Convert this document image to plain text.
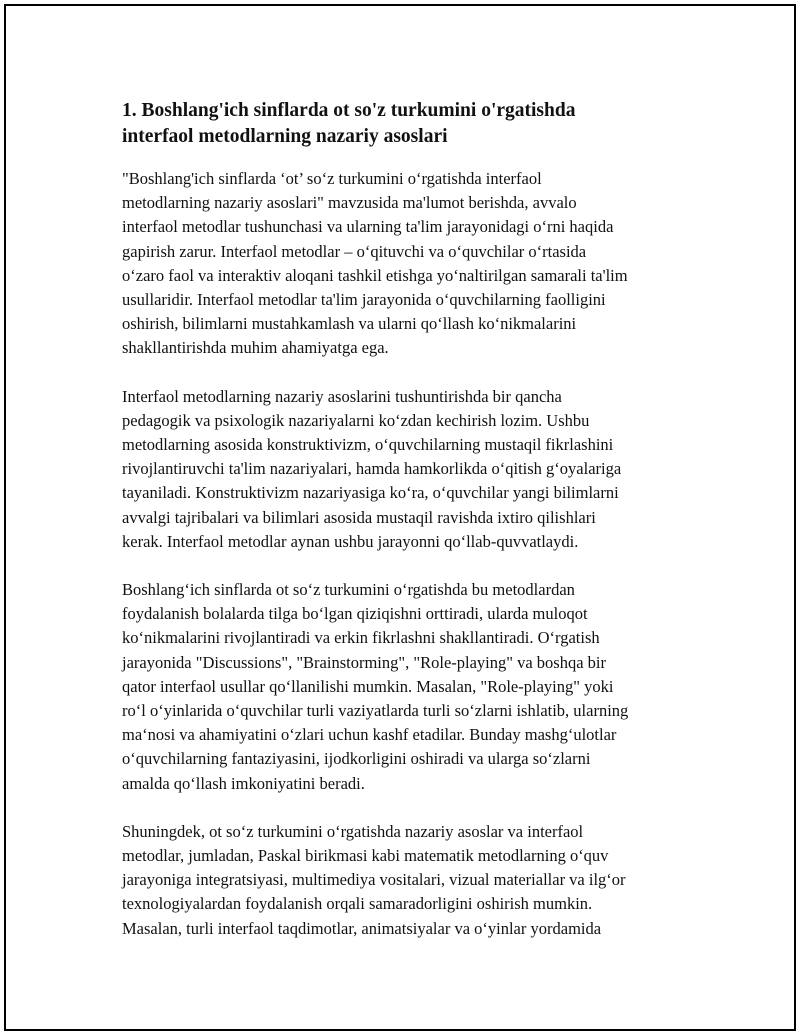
1. Boshlang'ich sinflarda ot so'z turkumini o'rgatishda
interfaol metodlarning nazariy asoslari

"Boshlang'ich sinflarda ‘ot’ so‘z turkumini o‘rgatishda interfaol
metodlarning nazariy asoslari" mavzusida ma'lumot berishda, avvalo
interfaol metodlar tushunchasi va ularning ta'lim jarayonidagi o‘rni haqida
gapirish zarur. Interfaol metodlar – o‘qituvchi va o‘quvchilar o‘rtasida
o‘zaro faol va interaktiv aloqani tashkil etishga yo‘naltirilgan samarali ta'lim
usullaridir. Interfaol metodlar ta'lim jarayonida o‘quvchilarning faolligini
oshirish, bilimlarni mustahkamlash va ularni qo‘llash ko‘nikmalarini
shakllantirishda muhim ahamiyatga ega.

Interfaol metodlarning nazariy asoslarini tushuntirishda bir qancha
pedagogik va psixologik nazariyalarni ko‘zdan kechirish lozim. Ushbu
metodlarning asosida konstruktivizm, o‘quvchilarning mustaqil fikrlashini
rivojlantiruvchi ta'lim nazariyalari, hamda hamkorlikda o‘qitish g‘oyalariga
tayaniladi. Konstruktivizm nazariyasiga ko‘ra, o‘quvchilar yangi bilimlarni
avvalgi tajribalari va bilimlari asosida mustaqil ravishda ixtiro qilishlari
kerak. Interfaol metodlar aynan ushbu jarayonni qo‘llab-quvvatlaydi.

Boshlang‘ich sinflarda ot so‘z turkumini o‘rgatishda bu metodlardan
foydalanish bolalarda tilga bo‘lgan qiziqishni orttiradi, ularda muloqot
ko‘nikmalarini rivojlantiradi va erkin fikrlashni shakllantiradi. O‘rgatish
jarayonida "Discussions", "Brainstorming", "Role-playing" va boshqa bir
qator interfaol usullar qo‘llanilishi mumkin. Masalan, "Role-playing" yoki
ro‘l o‘yinlarida o‘quvchilar turli vaziyatlarda turli so‘zlarni ishlatib, ularning
ma‘nosi va ahamiyatini o‘zlari uchun kashf etadilar. Bunday mashg‘ulotlar
o‘quvchilarning fantaziyasini, ijodkorligini oshiradi va ularga so‘zlarni
amalda qo‘llash imkoniyatini beradi.

Shuningdek, ot so‘z turkumini o‘rgatishda nazariy asoslar va interfaol
metodlar, jumladan, Paskal birikmasi kabi matematik metodlarning o‘quv
jarayoniga integratsiyasi, multimediya vositalari, vizual materiallar va ilg‘or
texnologiyalardan foydalanish orqali samaradorligini oshirish mumkin.
Masalan, turli interfaol taqdimotlar, animatsiyalar va o‘yinlar yordamida
